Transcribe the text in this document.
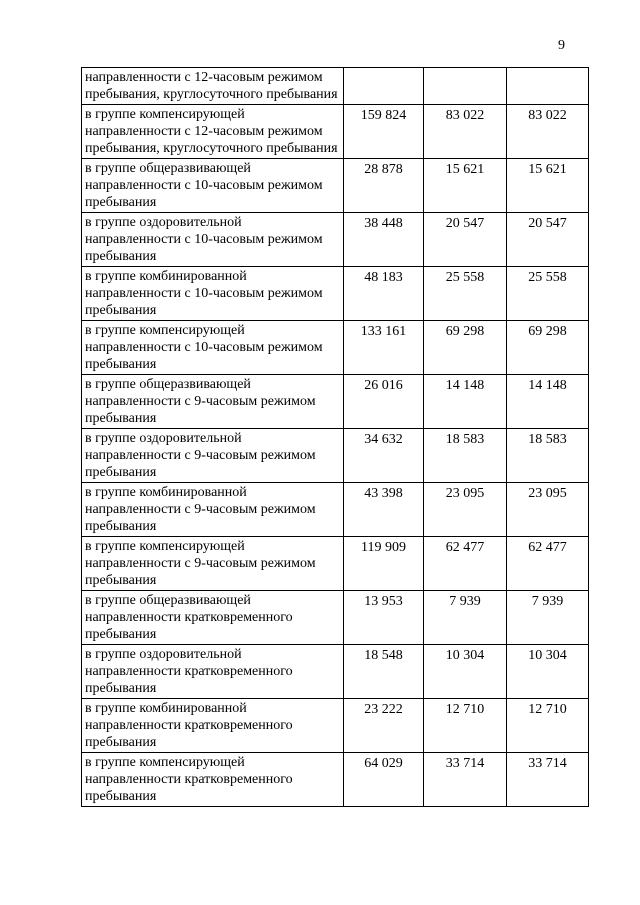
9
направленности с 12-часовым режимом пребывания, круглосуточного пребывания			
в группе компенсирующей направленности с 12-часовым режимом пребывания, круглосуточного пребывания	159 824	83 022	83 022
в группе общеразвивающей направленности с 10-часовым режимом пребывания	28 878	15 621	15 621
в группе оздоровительной направленности с 10-часовым режимом пребывания	38 448	20 547	20 547
в группе комбинированной направленности с 10-часовым режимом пребывания	48 183	25 558	25 558
в группе компенсирующей направленности с 10-часовым режимом пребывания	133 161	69 298	69 298
в группе общеразвивающей направленности с 9-часовым режимом пребывания	26 016	14 148	14 148
в группе оздоровительной направленности с 9-часовым режимом пребывания	34 632	18 583	18 583
в группе комбинированной направленности с 9-часовым режимом пребывания	43 398	23 095	23 095
в группе компенсирующей направленности с 9-часовым режимом пребывания	119 909	62 477	62 477
в группе общеразвивающей направленности кратковременного пребывания	13 953	7 939	7 939
в группе оздоровительной направленности кратковременного пребывания	18 548	10 304	10 304
в группе комбинированной направленности кратковременного пребывания	23 222	12 710	12 710
в группе компенсирующей направленности кратковременного пребывания	64 029	33 714	33 714
